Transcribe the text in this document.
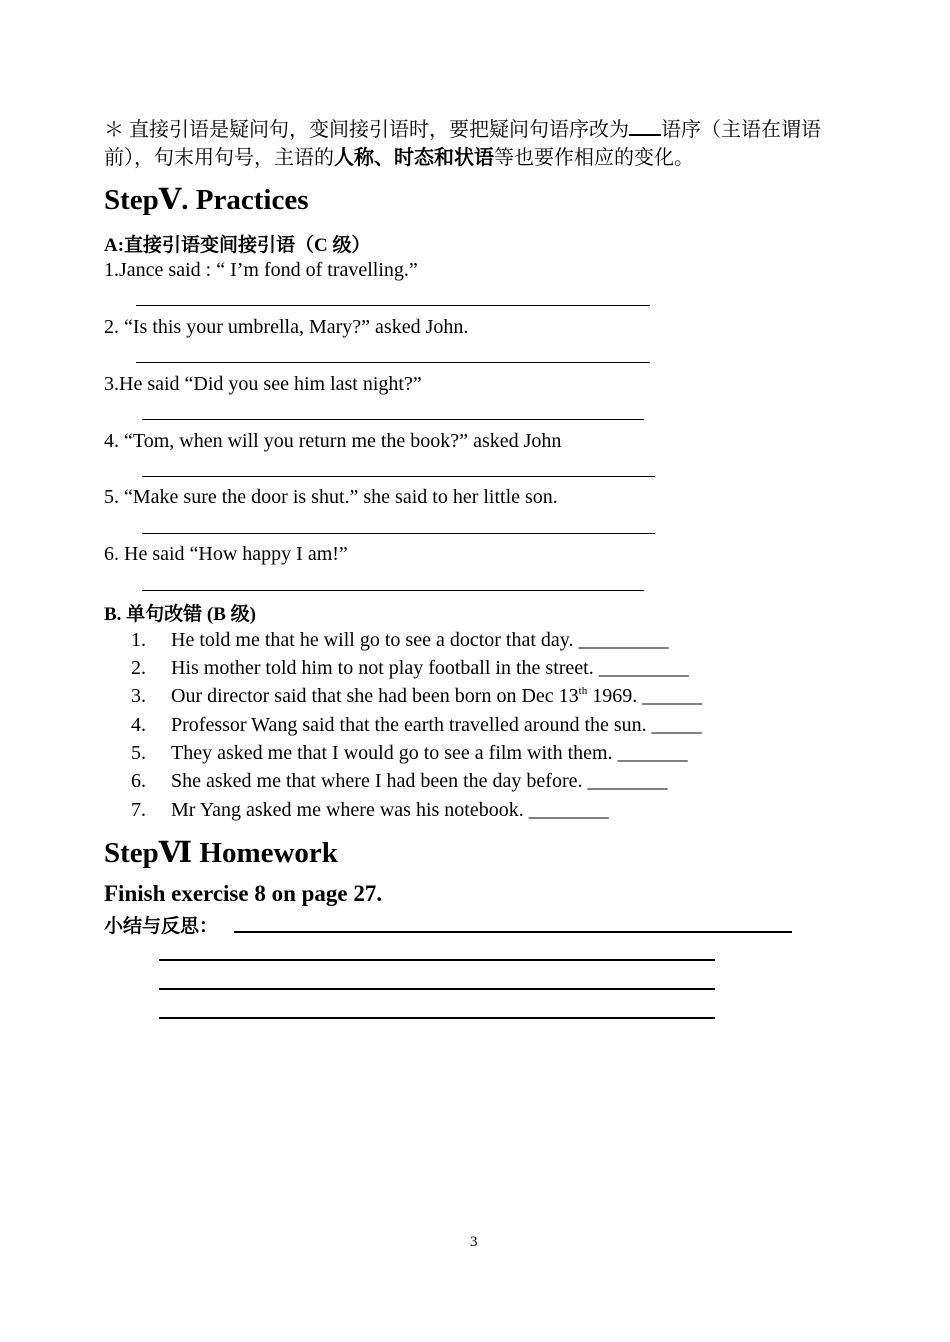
＊ 直接引语是疑问句，变间接引语时，要把疑问句语序改为 语序（主语在谓语前），句末用句号，主语的人称、时态和状语等也要作相应的变化。
StepⅤ. Practices
A:直接引语变间接引语（C 级）
1.Jance said : “ I’m fond of travelling.”
2. “Is this your umbrella, Mary?” asked John.
3.He said “Did you see him last night?”
4. “Tom, when will you return me the book?” asked John
5. “Make sure the door is shut.” she said to her little son.
6. He said “How happy I am!”
B. 单句改错 (B 级)
1. He told me that he will go to see a doctor that day. _________
2. His mother told him to not play football in the street. _________
3. Our director said that she had been born on Dec 13th 1969. ______
4. Professor Wang said that the earth travelled around the sun. _____
5. They asked me that I would go to see a film with them. _______
6. She asked me that where I had been the day before. ________
7. Mr Yang asked me where was his notebook. ________
StepⅥ Homework
Finish exercise 8 on page 27.
小结与反思：
3
